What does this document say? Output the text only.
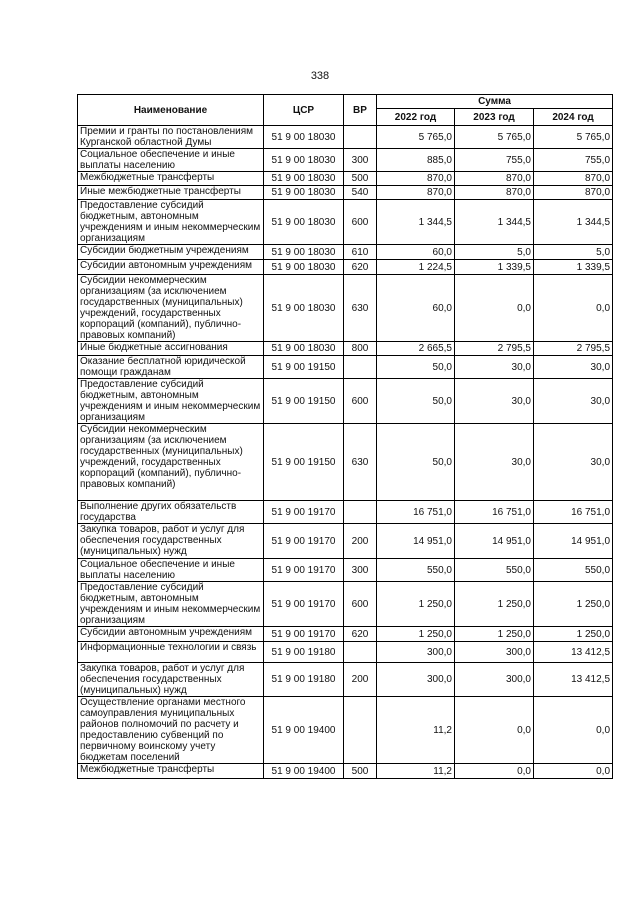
338
Наименование	ЦСР	ВР	Сумма		
			2022 год	2023 год	2024 год
Премии и гранты по постановлениям Курганской областной Думы	51 9 00 18030		5 765,0	5 765,0	5 765,0
Социальное обеспечение и иные выплаты населению	51 9 00 18030	300	885,0	755,0	755,0
Межбюджетные трансферты	51 9 00 18030	500	870,0	870,0	870,0
Иные межбюджетные трансферты	51 9 00 18030	540	870,0	870,0	870,0
Предоставление субсидий бюджетным, автономным учреждениям и иным некоммерческим организациям	51 9 00 18030	600	1 344,5	1 344,5	1 344,5
Субсидии бюджетным учреждениям	51 9 00 18030	610	60,0	5,0	5,0
Субсидии автономным учреждениям	51 9 00 18030	620	1 224,5	1 339,5	1 339,5
Субсидии некоммерческим организациям (за исключением государственных (муниципальных) учреждений, государственных корпораций (компаний), публично-правовых компаний)	51 9 00 18030	630	60,0	0,0	0,0
Иные бюджетные ассигнования	51 9 00 18030	800	2 665,5	2 795,5	2 795,5
Оказание бесплатной юридической помощи гражданам	51 9 00 19150		50,0	30,0	30,0
Предоставление субсидий бюджетным, автономным учреждениям и иным некоммерческим организациям	51 9 00 19150	600	50,0	30,0	30,0
Субсидии некоммерческим организациям (за исключением государственных (муниципальных) учреждений, государственных корпораций (компаний), публично-правовых компаний)	51 9 00 19150	630	50,0	30,0	30,0
Выполнение других обязательств государства	51 9 00 19170		16 751,0	16 751,0	16 751,0
Закупка товаров, работ и услуг для обеспечения государственных (муниципальных) нужд	51 9 00 19170	200	14 951,0	14 951,0	14 951,0
Социальное обеспечение и иные выплаты населению	51 9 00 19170	300	550,0	550,0	550,0
Предоставление субсидий бюджетным, автономным учреждениям и иным некоммерческим организациям	51 9 00 19170	600	1 250,0	1 250,0	1 250,0
Субсидии автономным учреждениям	51 9 00 19170	620	1 250,0	1 250,0	1 250,0
Информационные технологии и связь	51 9 00 19180		300,0	300,0	13 412,5
Закупка товаров, работ и услуг для обеспечения государственных (муниципальных) нужд	51 9 00 19180	200	300,0	300,0	13 412,5
Осуществление органами местного самоуправления муниципальных районов полномочий по расчету и предоставлению субвенций по первичному воинскому учету бюджетам поселений	51 9 00 19400		11,2	0,0	0,0
Межбюджетные трансферты	51 9 00 19400	500	11,2	0,0	0,0
